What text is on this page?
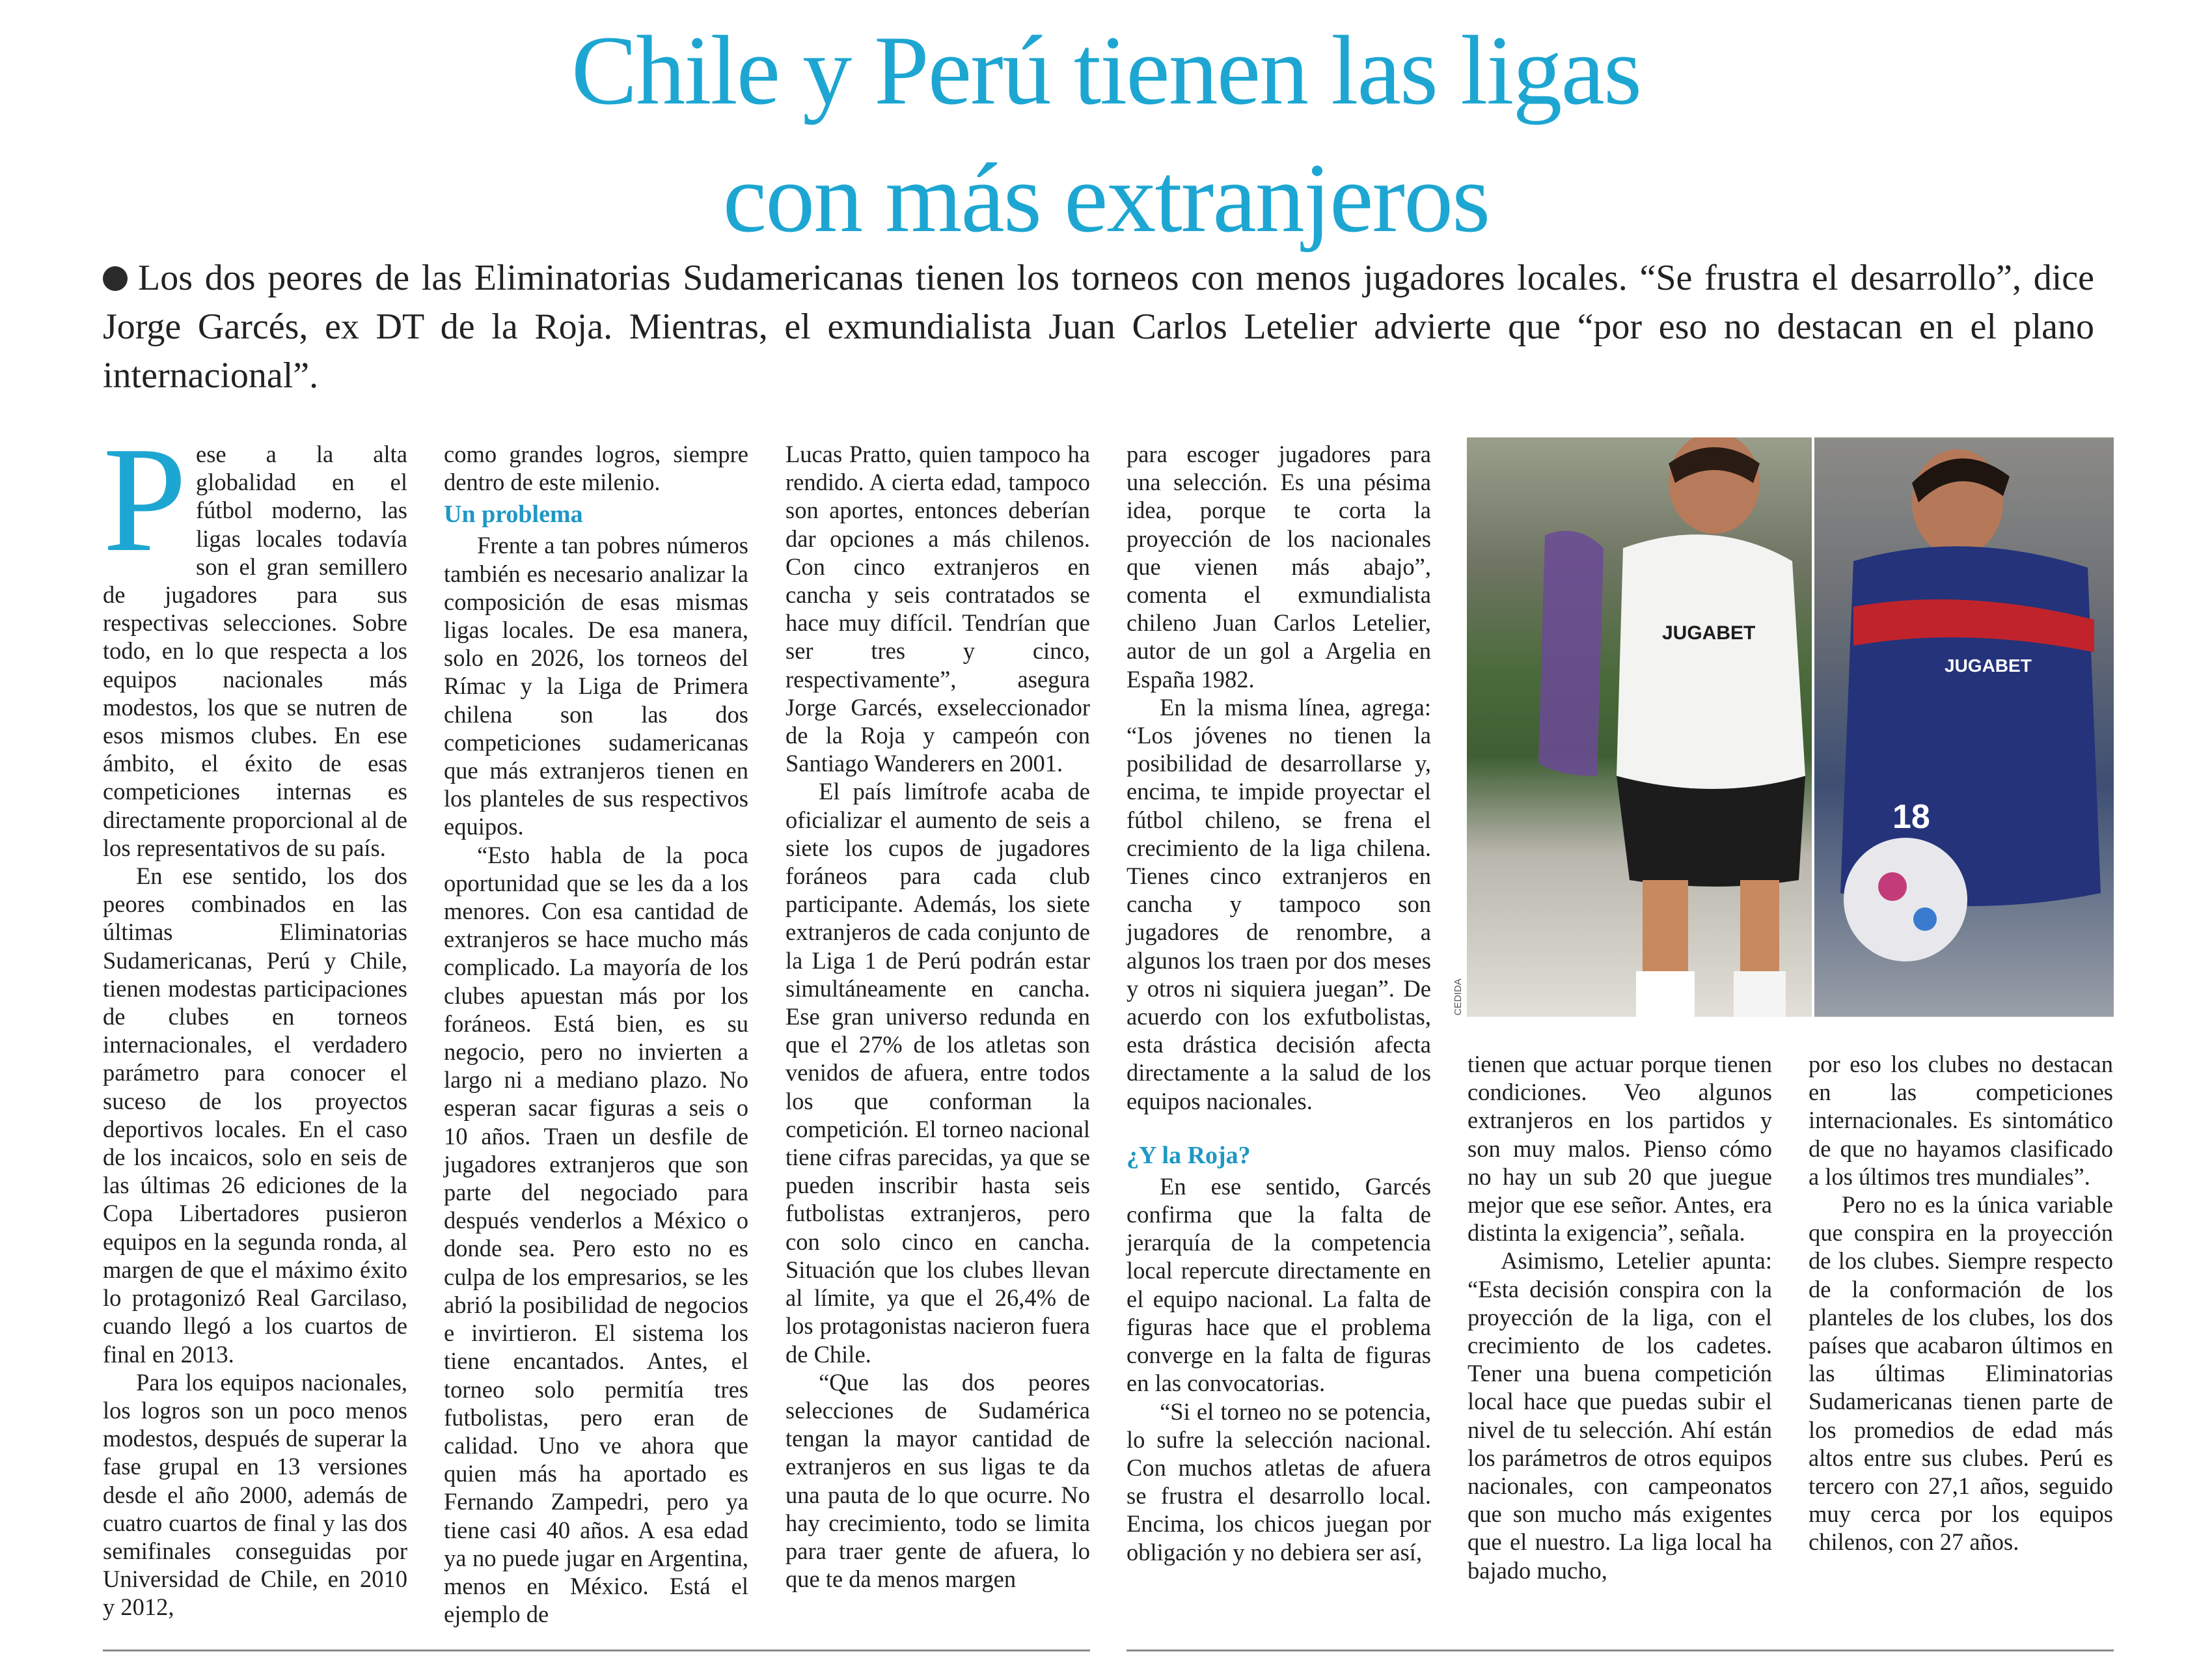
Chile y Perú tienen las ligas
con más extranjeros

Los dos peores de las Eliminatorias Sudamericanas tienen los torneos con menos jugadores locales. “Se frustra el desarrollo”, dice Jorge Garcés, ex DT de la Roja. Mientras, el exmundialista Juan Carlos Letelier advierte que “por eso no destacan en el plano internacional”.

P ese a la alta globalidad en el fútbol moderno, las ligas locales todavía son el gran semillero de jugadores para sus respectivas selecciones. Sobre todo, en lo que respecta a los equipos nacionales más modestos, los que se nutren de esos mismos clubes. En ese ámbito, el éxito de esas competiciones internas es directamente proporcional al de los representativos de su país.

En ese sentido, los dos peores combinados en las últimas Eliminatorias Sudamericanas, Perú y Chile, tienen modestas participaciones de clubes en torneos internacionales, el verdadero parámetro para conocer el suceso de los proyectos deportivos locales. En el caso de los incaicos, solo en seis de las últimas 26 ediciones de la Copa Libertadores pusieron equipos en la segunda ronda, al margen de que el máximo éxito lo protagonizó Real Garcilaso, cuando llegó a los cuartos de final en 2013.

Para los equipos nacionales, los logros son un poco menos modestos, después de superar la fase grupal en 13 versiones desde el año 2000, además de cuatro cuartos de final y las dos semifinales conseguidas por Universidad de Chile, en 2010 y 2012,

como grandes logros, siempre dentro de este milenio.

Un problema

Frente a tan pobres números también es necesario analizar la composición de esas mismas ligas locales. De esa manera, solo en 2026, los torneos del Rímac y la Liga de Primera chilena son las dos competiciones sudamericanas que más extranjeros tienen en los planteles de sus respectivos equipos.

“Esto habla de la poca oportunidad que se les da a los menores. Con esa cantidad de extranjeros se hace mucho más complicado. La mayoría de los clubes apuestan más por los foráneos. Está bien, es su negocio, pero no invierten a largo ni a mediano plazo. No esperan sacar figuras a seis o 10 años. Traen un desfile de jugadores extranjeros que son parte del negociado para después venderlos a México o donde sea. Pero esto no es culpa de los empresarios, se les abrió la posibilidad de negocios e invirtieron. El sistema los tiene encantados. Antes, el torneo solo permitía tres futbolistas, pero eran de calidad. Uno ve ahora que quien más ha aportado es Fernando Zampedri, pero ya tiene casi 40 años. A esa edad ya no puede jugar en Argentina, menos en México. Está el ejemplo de

Lucas Pratto, quien tampoco ha rendido. A cierta edad, tampoco son aportes, entonces deberían dar opciones a más chilenos. Con cinco extranjeros en cancha y seis contratados se hace muy difícil. Tendrían que ser tres y cinco, respectivamente”, asegura Jorge Garcés, exseleccionador de la Roja y campeón con Santiago Wanderers en 2001.

El país limítrofe acaba de oficializar el aumento de seis a siete los cupos de jugadores foráneos para cada club participante. Además, los siete extranjeros de cada conjunto de la Liga 1 de Perú podrán estar simultáneamente en cancha. Ese gran universo redunda en que el 27% de los atletas son venidos de afuera, entre todos los que conforman la competición. El torneo nacional tiene cifras parecidas, ya que se pueden inscribir hasta seis futbolistas extranjeros, pero con solo cinco en cancha. Situación que los clubes llevan al límite, ya que el 26,4% de los protagonistas nacieron fuera de Chile.

“Que las dos peores selecciones de Sudamérica tengan la mayor cantidad de extranjeros en sus ligas te da una pauta de lo que ocurre. No hay crecimiento, todo se limita para traer gente de afuera, lo que te da menos margen

para escoger jugadores para una selección. Es una pésima idea, porque te corta la proyección de los nacionales que vienen más abajo”, comenta el exmundialista chileno Juan Carlos Letelier, autor de un gol a Argelia en España 1982.

En la misma línea, agrega: “Los jóvenes no tienen la posibilidad de desarrollarse y, encima, te impide proyectar el fútbol chileno, se frena el crecimiento de la liga chilena. Tienes cinco extranjeros en cancha y tampoco son jugadores de renombre, a algunos los traen por dos meses y otros ni siquiera juegan”. De acuerdo con los exfutbolistas, esta drástica decisión afecta directamente a la salud de los equipos nacionales.

¿Y la Roja?

En ese sentido, Garcés confirma que la falta de jerarquía de la competencia local repercute directamente en el equipo nacional. La falta de figuras hace que el problema converge en la falta de figuras en las convocatorias.

“Si el torneo no se potencia, lo sufre la selección nacional. Con muchos atletas de afuera se frustra el desarrollo local. Encima, los chicos juegan por obligación y no debiera ser así,

JUGABET
18
JUGABET
CEDIDA

tienen que actuar porque tienen condiciones. Veo algunos extranjeros en los partidos y son muy malos. Pienso cómo no hay un sub 20 que juegue mejor que ese señor. Antes, era distinta la exigencia”, señala.

Asimismo, Letelier apunta: “Esta decisión conspira con la proyección de la liga, con el crecimiento de los cadetes. Tener una buena competición local hace que puedas subir el nivel de tu selección. Ahí están los parámetros de otros equipos nacionales, con campeonatos que son mucho más exigentes que el nuestro. La liga local ha bajado mucho,

por eso los clubes no destacan en las competiciones internacionales. Es sintomático de que no hayamos clasificado a los últimos tres mundiales”.

Pero no es la única variable que conspira en la proyección de los clubes. Siempre respecto de la conformación de los planteles de los clubes, los dos países que acabaron últimos en las últimas Eliminatorias Sudamericanas tienen parte de los promedios de edad más altos entre sus clubes. Perú es tercero con 27,1 años, seguido muy cerca por los equipos chilenos, con 27 años.
